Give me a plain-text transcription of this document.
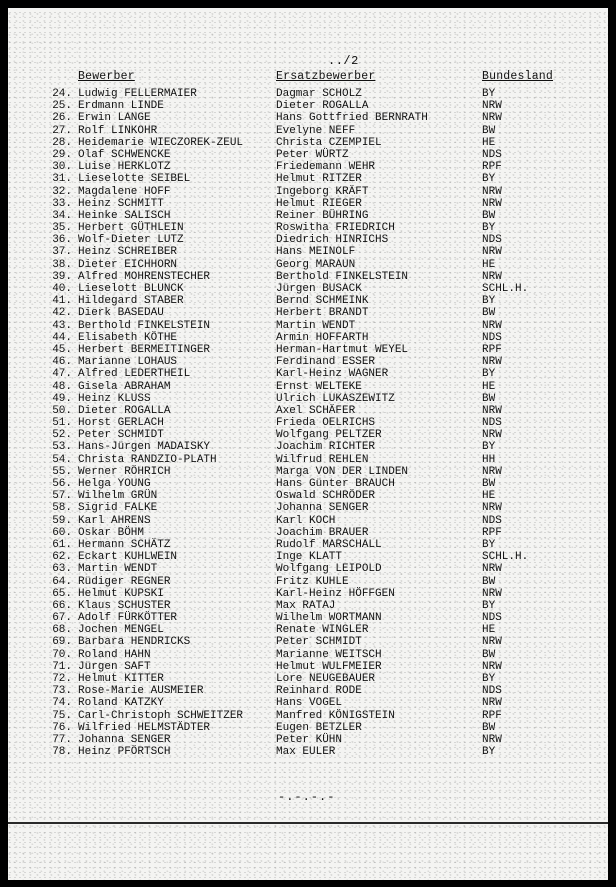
../2
Bewerber	Ersatzbewerber	Bundesland
24. Ludwig FELLERMAIER	Dagmar SCHOLZ	BY
25. Erdmann LINDE	Dieter ROGALLA	NRW
26. Erwin LANGE	Hans Gottfried BERNRATH	NRW
27. Rolf LINKOHR	Evelyne NEFF	BW
28. Heidemarie WIECZOREK-ZEUL	Christa CZEMPIEL	HE
29. Olaf SCHWENCKE	Peter WÜRTZ	NDS
30. Luise HERKLOTZ	Friedemann WEHR	RPF
31. Lieselotte SEIBEL	Helmut RITZER	BY
32. Magdalene HOFF	Ingeborg KRÄFT	NRW
33. Heinz SCHMITT	Helmut RIEGER	NRW
34. Heinke SALISCH	Reiner BÜHRING	BW
35. Herbert GÜTHLEIN	Roswitha FRIEDRICH	BY
36. Wolf-Dieter LUTZ	Diedrich HINRICHS	NDS
37. Heinz SCHREIBER	Hans MEINOLF	NRW
38. Dieter EICHHORN	Georg MARAUN	HE
39. Alfred MOHRENSTECHER	Berthold FINKELSTEIN	NRW
40. Lieselott BLUNCK	Jürgen BUSACK	SCHL.H.
41. Hildegard STABER	Bernd SCHMEINK	BY
42. Dierk BASEDAU	Herbert BRANDT	BW
43. Berthold FINKELSTEIN	Martin WENDT	NRW
44. Elisabeth KÖTHE	Armin HOFFARTH	NDS
45. Herbert BERMEITINGER	Herman-Hartmut WEYEL	RPF
46. Marianne LOHAUS	Ferdinand ESSER	NRW
47. Alfred LEDERTHEIL	Karl-Heinz WAGNER	BY
48. Gisela ABRAHAM	Ernst WELTEKE	HE
49. Heinz KLUSS	Ulrich LUKASZEWITZ	BW
50. Dieter ROGALLA	Axel SCHÄFER	NRW
51. Horst GERLACH	Frieda OELRICHS	NDS
52. Peter SCHMIDT	Wolfgang PELTZER	NRW
53. Hans-Jürgen MADAISKY	Joachim RICHTER	BY
54. Christa RANDZIO-PLATH	Wilfrud REHLEN	HH
55. Werner RÖHRICH	Marga VON DER LINDEN	NRW
56. Helga YOUNG	Hans Günter BRAUCH	BW
57. Wilhelm GRÜN	Oswald SCHRÖDER	HE
58. Sigrid FALKE	Johanna SENGER	NRW
59. Karl AHRENS	Karl KOCH	NDS
60. Oskar BÖHM	Joachim BRAUER	RPF
61. Hermann SCHÄTZ	Rudolf MARSCHALL	BY
62. Eckart KUHLWEIN	Inge KLATT	SCHL.H.
63. Martin WENDT	Wolfgang LEIPOLD	NRW
64. Rüdiger REGNER	Fritz KUHLE	BW
65. Helmut KUPSKI	Karl-Heinz HÖFFGEN	NRW
66. Klaus SCHUSTER	Max RATAJ	BY
67. Adolf FÜRKÖTTER	Wilhelm WORTMANN	NDS
68. Jochen MENGEL	Renate WINGLER	HE
69. Barbara HENDRICKS	Peter SCHMIDT	NRW
70. Roland HAHN	Marianne WEITSCH	BW
71. Jürgen SAFT	Helmut WULFMEIER	NRW
72. Helmut KITTER	Lore NEUGEBAUER	BY
73. Rose-Marie AUSMEIER	Reinhard RODE	NDS
74. Roland KATZKY	Hans VOGEL	NRW
75. Carl-Christoph SCHWEITZER	Manfred KÖNIGSTEIN	RPF
76. Wilfried HELMSTÄDTER	Eugen BETZLER	BW
77. Johanna SENGER	Peter KÜHN	NRW
78. Heinz PFÖRTSCH	Max EULER	BY
-.-.-.-
